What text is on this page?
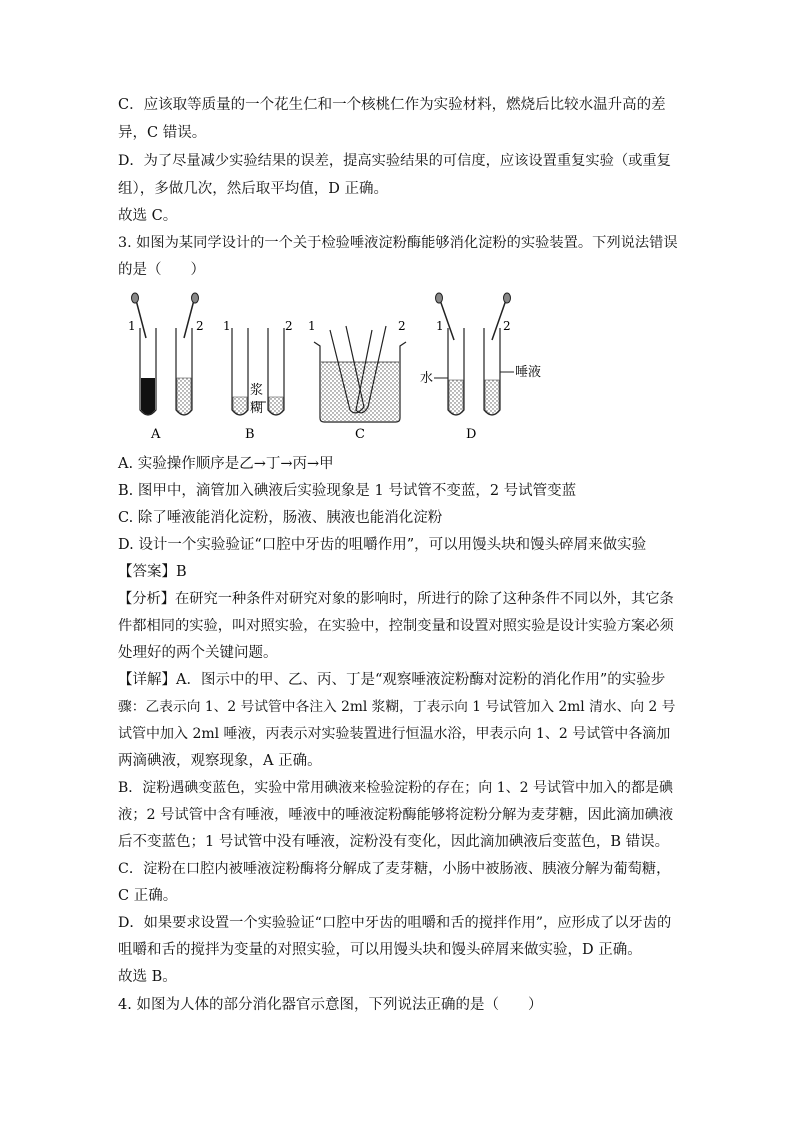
C．应该取等质量的一个花生仁和一个核桃仁作为实验材料，燃烧后比较水温升高的差
异，C 错误。
D．为了尽量减少实验结果的误差，提高实验结果的可信度，应该设置重复实验（或重复
组），多做几次，然后取平均值，D 正确。
故选 C。
3. 如图为某同学设计的一个关于检验唾液淀粉酶能够消化淀粉的实验装置。下列说法错误
的是（　　）
1	2
A
1	2
浆
糊
B
1	2
C
1	2
水	唾液
D
A. 实验操作顺序是乙→丁→丙→甲
B. 图甲中，滴管加入碘液后实验现象是 1 号试管不变蓝，2 号试管变蓝
C. 除了唾液能消化淀粉，肠液、胰液也能消化淀粉
D. 设计一个实验验证“口腔中牙齿的咀嚼作用”，可以用馒头块和馒头碎屑来做实验
【答案】B
【分析】在研究一种条件对研究对象的影响时，所进行的除了这种条件不同以外，其它条
件都相同的实验，叫对照实验，在实验中，控制变量和设置对照实验是设计实验方案必须
处理好的两个关键问题。
【详解】A．图示中的甲、乙、丙、丁是“观察唾液淀粉酶对淀粉的消化作用”的实验步
骤：乙表示向 1、2 号试管中各注入 2ml 浆糊，丁表示向 1 号试管加入 2ml 清水、向 2 号
试管中加入 2ml 唾液，丙表示对实验装置进行恒温水浴，甲表示向 1、2 号试管中各滴加
两滴碘液，观察现象，A 正确。
B．淀粉遇碘变蓝色，实验中常用碘液来检验淀粉的存在；向 1、2 号试管中加入的都是碘
液；2 号试管中含有唾液，唾液中的唾液淀粉酶能够将淀粉分解为麦芽糖，因此滴加碘液
后不变蓝色；1 号试管中没有唾液，淀粉没有变化，因此滴加碘液后变蓝色，B 错误。
C．淀粉在口腔内被唾液淀粉酶将分解成了麦芽糖，小肠中被肠液、胰液分解为葡萄糖，
C 正确。
D．如果要求设置一个实验验证“口腔中牙齿的咀嚼和舌的搅拌作用”，应形成了以牙齿的
咀嚼和舌的搅拌为变量的对照实验，可以用馒头块和馒头碎屑来做实验，D 正确。
故选 B。
4. 如图为人体的部分消化器官示意图，下列说法正确的是（　　）
